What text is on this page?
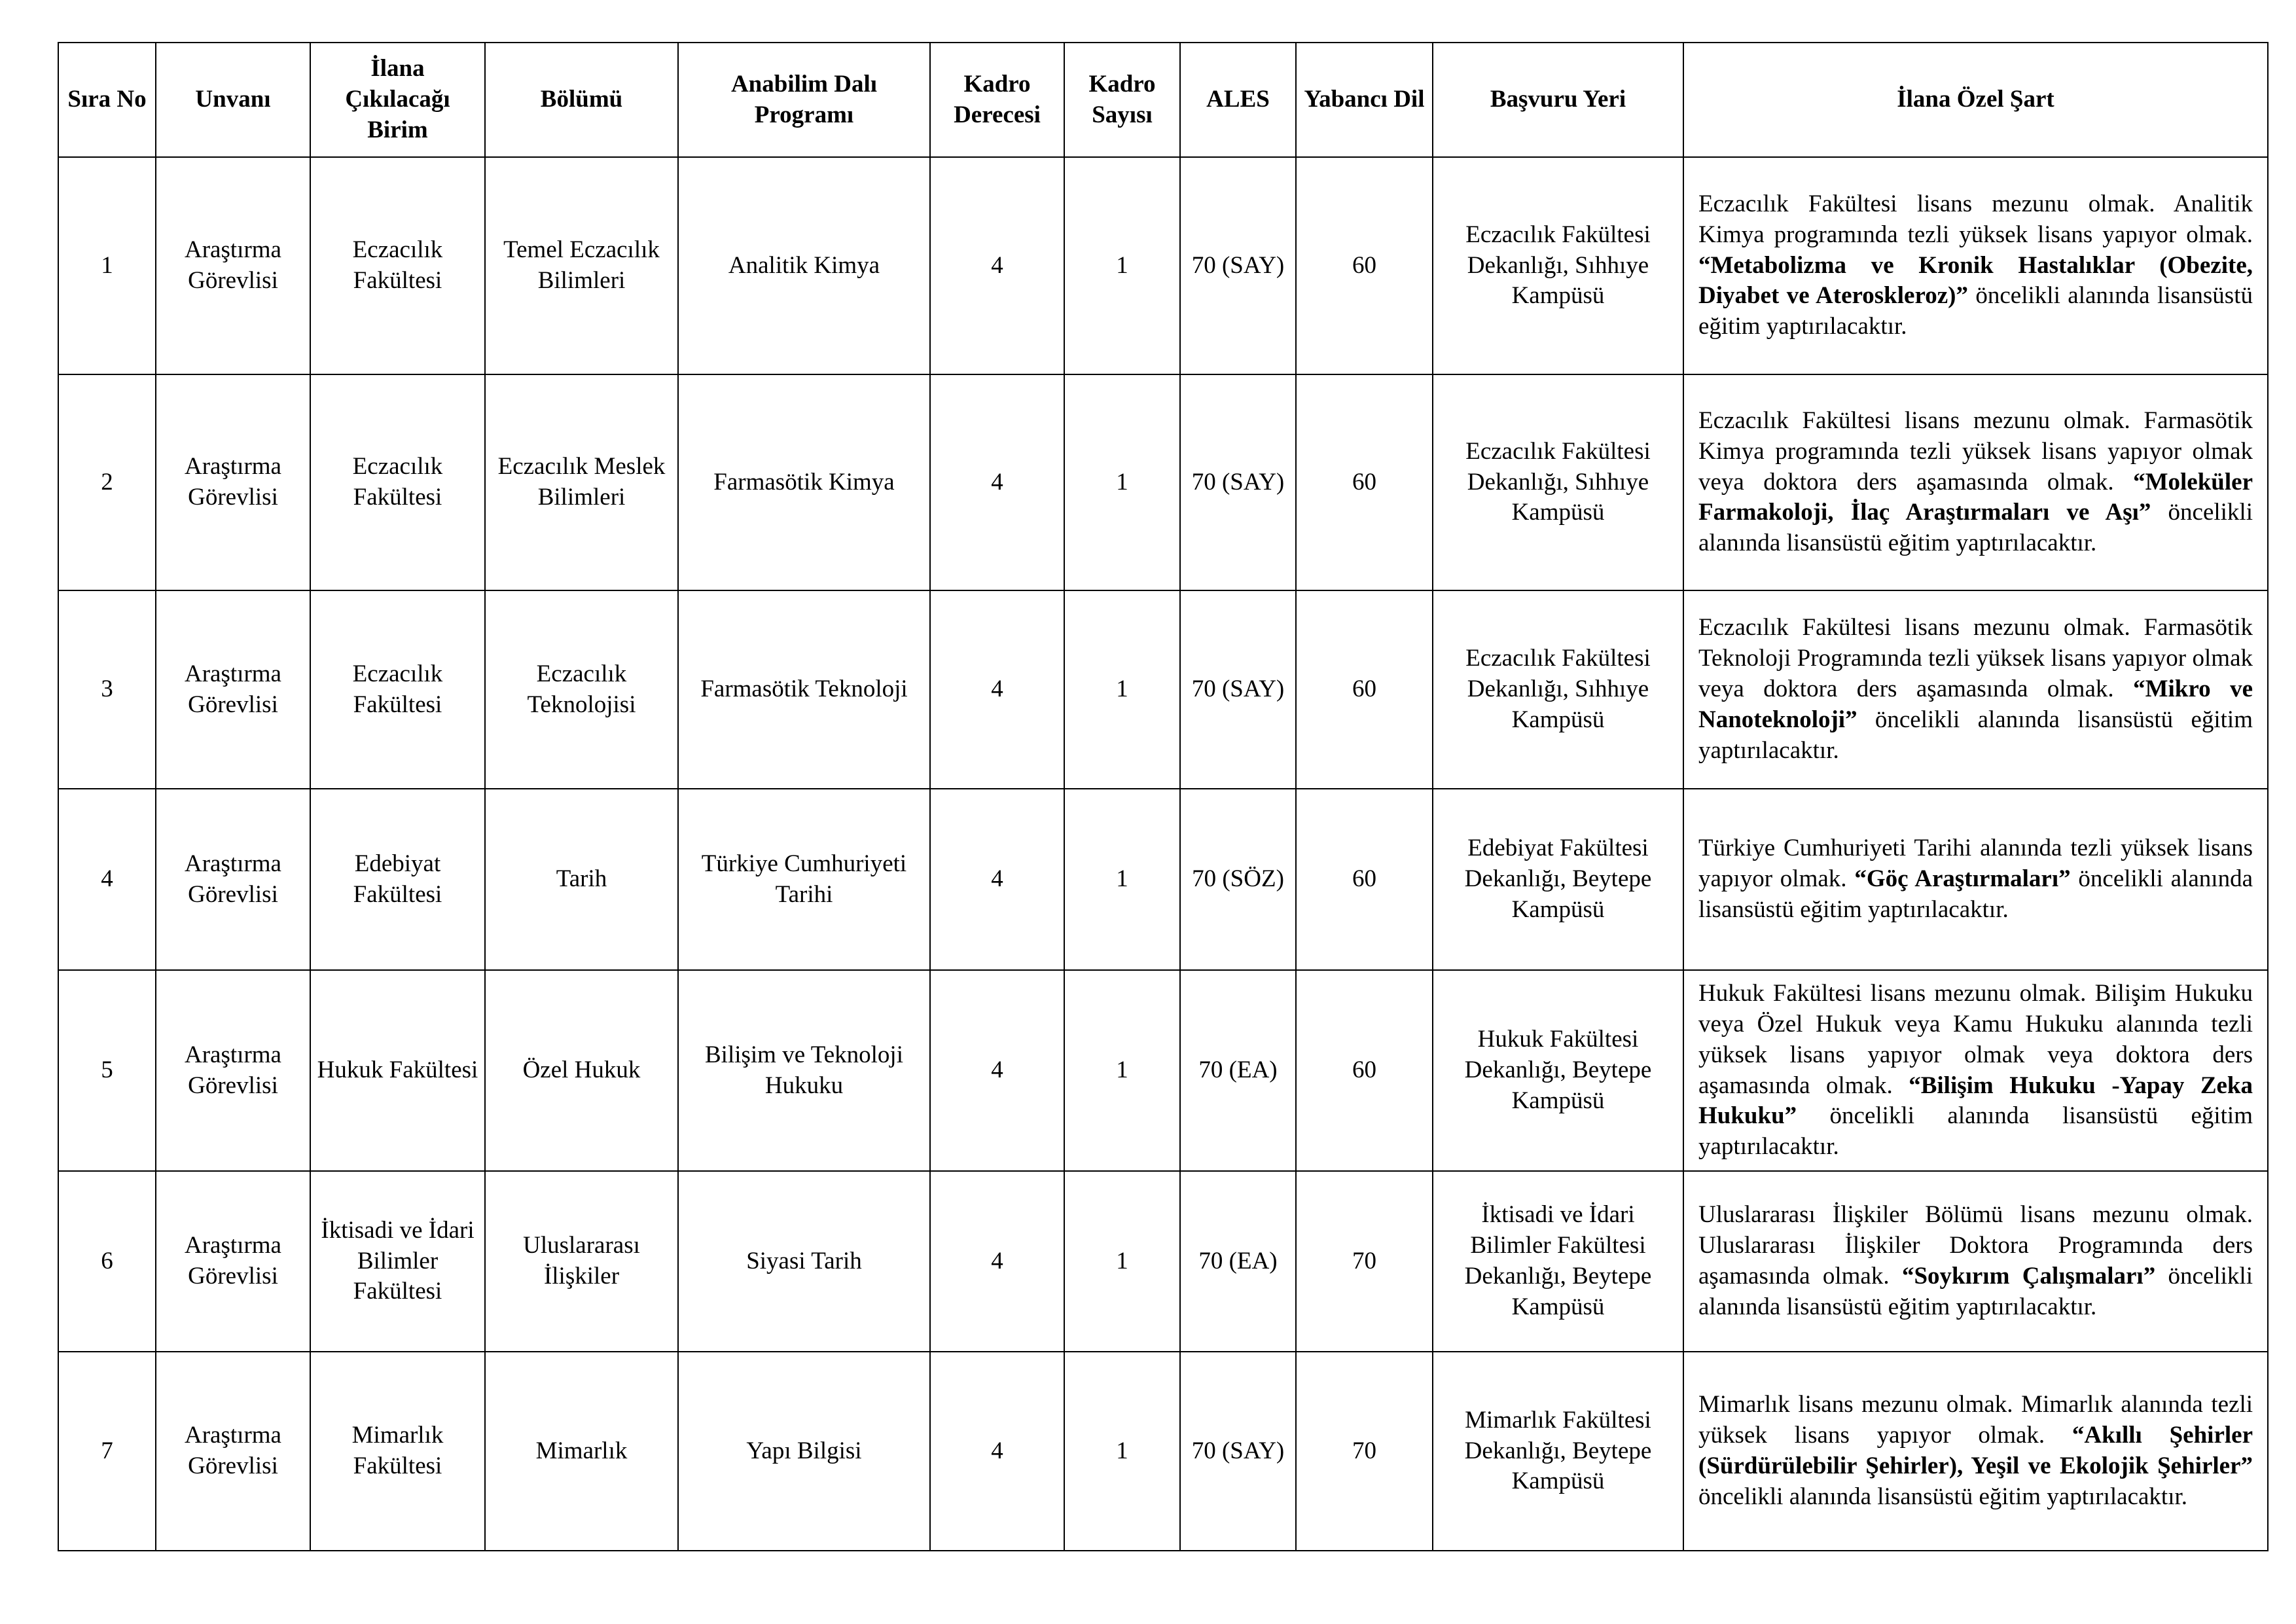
Sıra No	Unvanı	İlana Çıkılacağı Birim	Bölümü	Anabilim Dalı Programı	Kadro Derecesi	Kadro Sayısı	ALES	Yabancı Dil	Başvuru Yeri	İlana Özel Şart
1	Araştırma Görevlisi	Eczacılık Fakültesi	Temel Eczacılık Bilimleri	Analitik Kimya	4	1	70 (SAY)	60	Eczacılık Fakültesi Dekanlığı, Sıhhıye Kampüsü	Eczacılık Fakültesi lisans mezunu olmak. Analitik Kimya programında tezli yüksek lisans yapıyor olmak. “Metabolizma ve Kronik Hastalıklar (Obezite, Diyabet ve Ateroskleroz)” öncelikli alanında lisansüstü eğitim yaptırılacaktır.
2	Araştırma Görevlisi	Eczacılık Fakültesi	Eczacılık Meslek Bilimleri	Farmasötik Kimya	4	1	70 (SAY)	60	Eczacılık Fakültesi Dekanlığı, Sıhhıye Kampüsü	Eczacılık Fakültesi lisans mezunu olmak. Farmasötik Kimya programında tezli yüksek lisans yapıyor olmak veya doktora ders aşamasında olmak. “Moleküler Farmakoloji, İlaç Araştırmaları ve Aşı” öncelikli alanında lisansüstü eğitim yaptırılacaktır.
3	Araştırma Görevlisi	Eczacılık Fakültesi	Eczacılık Teknolojisi	Farmasötik Teknoloji	4	1	70 (SAY)	60	Eczacılık Fakültesi Dekanlığı, Sıhhıye Kampüsü	Eczacılık Fakültesi lisans mezunu olmak. Farmasötik Teknoloji Programında tezli yüksek lisans yapıyor olmak veya doktora ders aşamasında olmak. “Mikro ve Nanoteknoloji” öncelikli alanında lisansüstü eğitim yaptırılacaktır.
4	Araştırma Görevlisi	Edebiyat Fakültesi	Tarih	Türkiye Cumhuriyeti Tarihi	4	1	70 (SÖZ)	60	Edebiyat Fakültesi Dekanlığı, Beytepe Kampüsü	Türkiye Cumhuriyeti Tarihi alanında tezli yüksek lisans yapıyor olmak. “Göç Araştırmaları” öncelikli alanında lisansüstü eğitim yaptırılacaktır.
5	Araştırma Görevlisi	Hukuk Fakültesi	Özel Hukuk	Bilişim ve Teknoloji Hukuku	4	1	70 (EA)	60	Hukuk Fakültesi Dekanlığı, Beytepe Kampüsü	Hukuk Fakültesi lisans mezunu olmak. Bilişim Hukuku veya Özel Hukuk veya Kamu Hukuku alanında tezli yüksek lisans yapıyor olmak veya doktora ders aşamasında olmak. “Bilişim Hukuku -Yapay Zeka Hukuku” öncelikli alanında lisansüstü eğitim yaptırılacaktır.
6	Araştırma Görevlisi	İktisadi ve İdari Bilimler Fakültesi	Uluslararası İlişkiler	Siyasi Tarih	4	1	70 (EA)	70	İktisadi ve İdari Bilimler Fakültesi Dekanlığı, Beytepe Kampüsü	Uluslararası İlişkiler Bölümü lisans mezunu olmak. Uluslararası İlişkiler Doktora Programında ders aşamasında olmak. “Soykırım Çalışmaları” öncelikli alanında lisansüstü eğitim yaptırılacaktır.
7	Araştırma Görevlisi	Mimarlık Fakültesi	Mimarlık	Yapı Bilgisi	4	1	70 (SAY)	70	Mimarlık Fakültesi Dekanlığı, Beytepe Kampüsü	Mimarlık lisans mezunu olmak. Mimarlık alanında tezli yüksek lisans yapıyor olmak. “Akıllı Şehirler (Sürdürülebilir Şehirler), Yeşil ve Ekolojik Şehirler” öncelikli alanında lisansüstü eğitim yaptırılacaktır.
